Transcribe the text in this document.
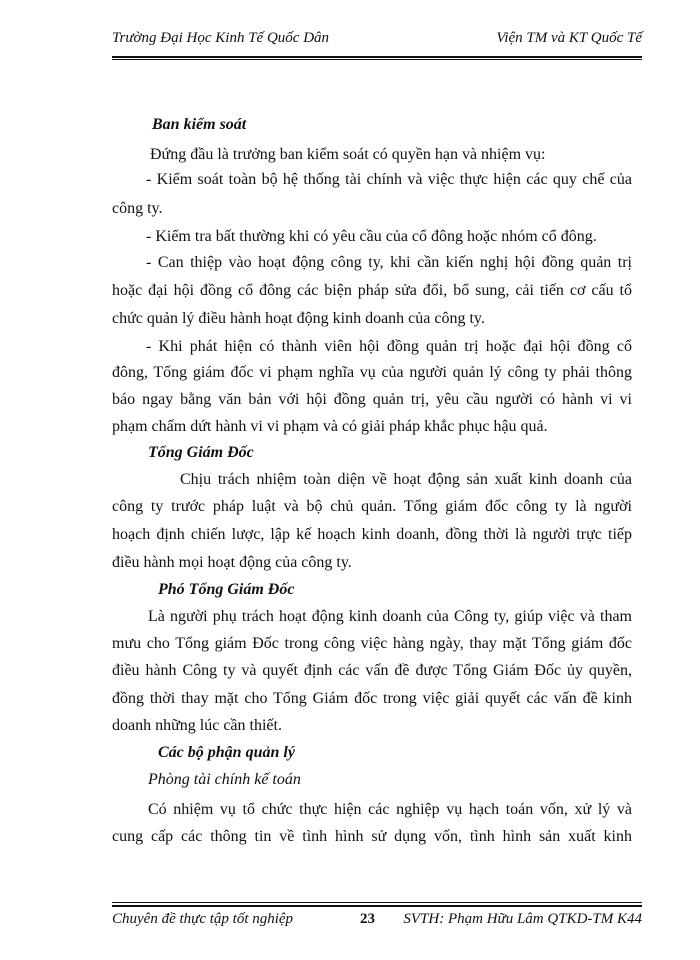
Trường Đại Học Kinh Tế Quốc Dân	Viện TM và KT Quốc Tế
Ban kiểm soát
Đứng đầu là trưởng ban kiểm soát có quyền hạn và nhiệm vụ:
- Kiểm soát toàn bộ hệ thống tài chính và việc thực hiện các quy chế của
công ty.
- Kiểm tra bất thường khi có yêu cầu của cổ đông hoặc nhóm cổ đông.
- Can thiệp vào hoạt động công ty, khi cần kiến nghị hội đồng quản trị
hoặc đại hội đồng cổ đông các biện pháp sửa đổi, bổ sung, cải tiến cơ cấu tổ
chức quản lý điều hành hoạt động kinh doanh của công ty.
- Khi phát hiện có thành viên hội đồng quản trị hoặc đại hội đồng cổ
đông, Tổng giám đốc vi phạm nghĩa vụ của người quản lý công ty phải thông
báo ngay bằng văn bản với hội đồng quản trị, yêu cầu người có hành vi vi
phạm chấm dứt hành vi vi phạm và có giải pháp khắc phục hậu quả.
Tổng Giám Đốc
Chịu trách nhiệm toàn diện về hoạt động sản xuất kinh doanh của
công ty trước pháp luật và bộ chủ quản. Tổng giám đốc công ty là người
hoạch định chiến lược, lập kế hoạch kinh doanh, đồng thời là người trực tiếp
điều hành mọi hoạt động của công ty.
Phó Tổng Giám Đốc
Là người phụ trách hoạt động kinh doanh của Công ty, giúp việc và tham
mưu cho Tổng giám Đốc trong công việc hàng ngày, thay mặt Tổng giám đốc
điều hành Công ty và quyết định các vấn đề được Tổng Giám Đốc ủy quyền,
đồng thời thay mặt cho Tổng Giám đốc trong việc giải quyết các vấn đề kinh
doanh những lúc cần thiết.
Các bộ phận quản lý
Phòng tài chính kế toán
Có nhiệm vụ tổ chức thực hiện các nghiệp vụ hạch toán vốn, xử lý và
cung cấp các thông tin về tình hình sử dụng vốn, tình hình sản xuất kinh
Chuyên đề thực tập tốt nghiệp	23 SVTH: Phạm Hữu Lâm QTKD-TM K44
